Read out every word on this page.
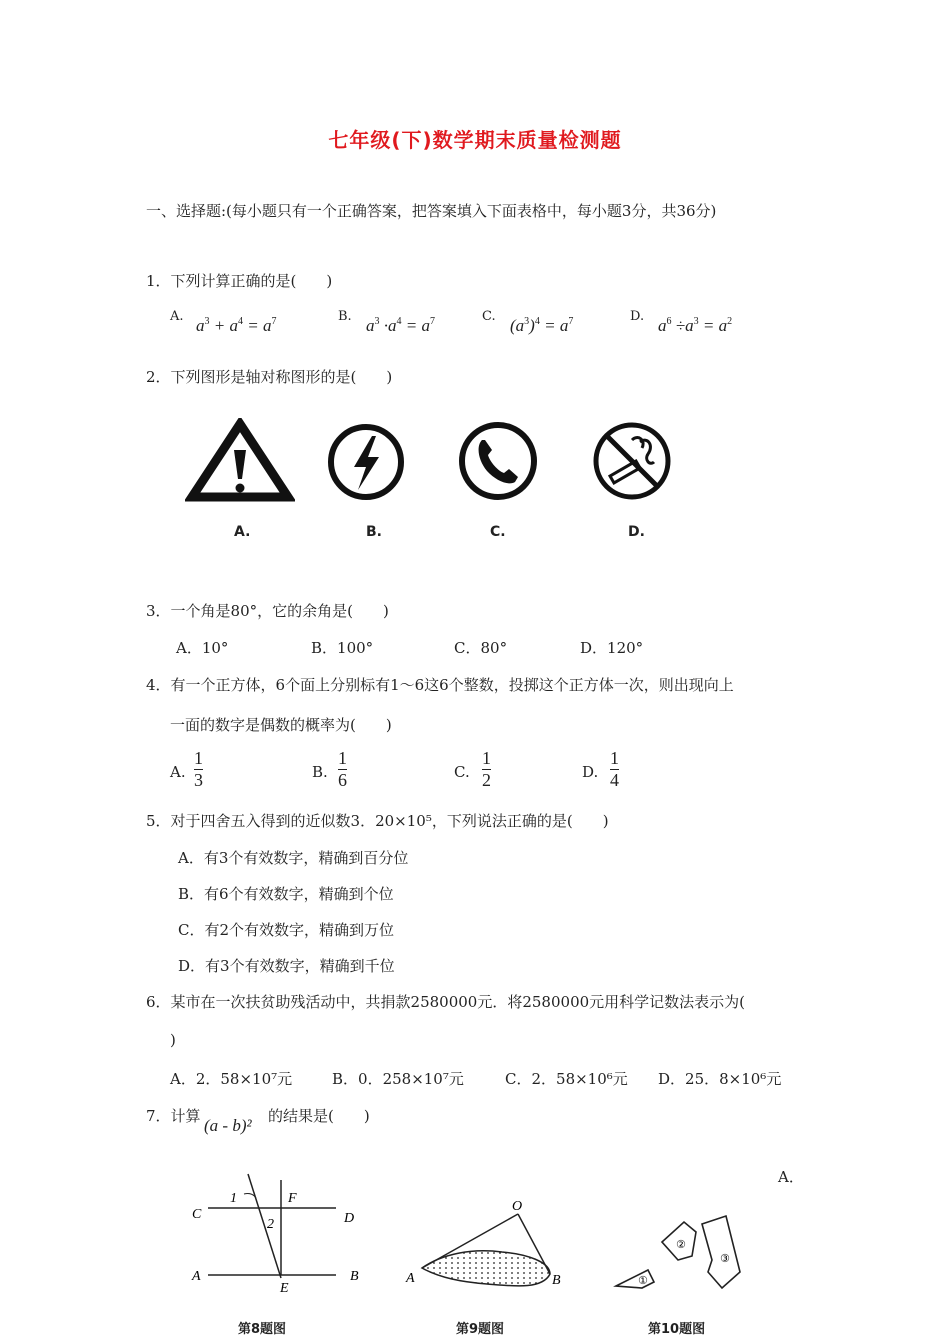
七年级(下)数学期末质量检测题
一、选择题:(每小题只有一个正确答案，把答案填入下面表格中，每小题3分，共36分)
1．下列计算正确的是(　　)
A. $a^3 + a^4 = a^7$	B. $a^3 \cdot a^4 = a^7$	C. $(a^3)^4 = a^7$	D. $a^6 \div a^3 = a^2$
2．下列图形是轴对称图形的是(　　)
A.	B.	C.	D.
3．一个角是80°，它的余角是(　　)
A．10°	B．100°	C．80°	D．120°
4．有一个正方体，6个面上分别标有1～6这6个整数，投掷这个正方体一次，则出现向上
一面的数字是偶数的概率为(　　)
A. $\frac{1}{3}$	B. $\frac{1}{6}$	C. $\frac{1}{2}$	D. $\frac{1}{4}$
5．对于四舍五入得到的近似数3．20×10⁵，下列说法正确的是(　　)
A．有3个有效数字，精确到百分位
B．有6个有效数字，精确到个位
C．有2个有效数字，精确到万位
D．有3个有效数字，精确到千位
6．某市在一次扶贫助残活动中，共捐款2580000元．将2580000元用科学记数法表示为(
)
A．2．58×10⁷元	B．0．258×10⁷元	C．2．58×10⁶元 D．25．8×10⁶元
7．计算 (a - b)² 的结果是(　　)
A．
1	F
C
2	D
A
E
B
第8题图
O
A	B
第9题图
①
②
③
第10题图
